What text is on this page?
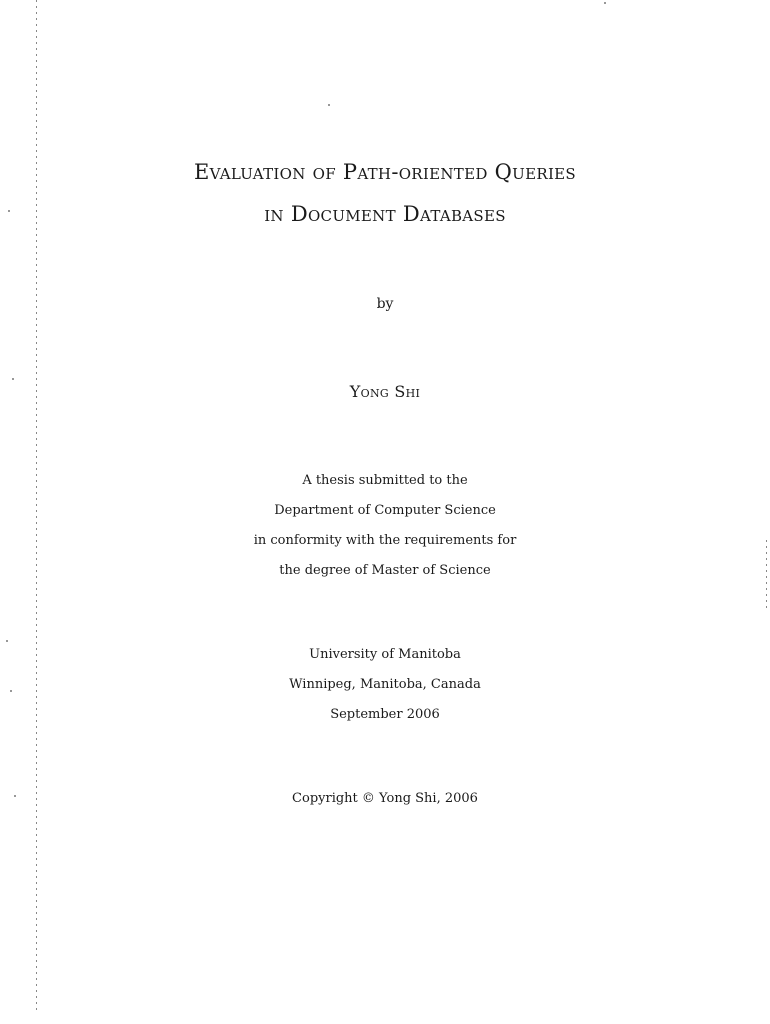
Evaluation of Path-oriented Queries
in Document Databases
by
Yong Shi
A thesis submitted to the
Department of Computer Science
in conformity with the requirements for
the degree of Master of Science
University of Manitoba
Winnipeg, Manitoba, Canada
September 2006
Copyright © Yong Shi, 2006
